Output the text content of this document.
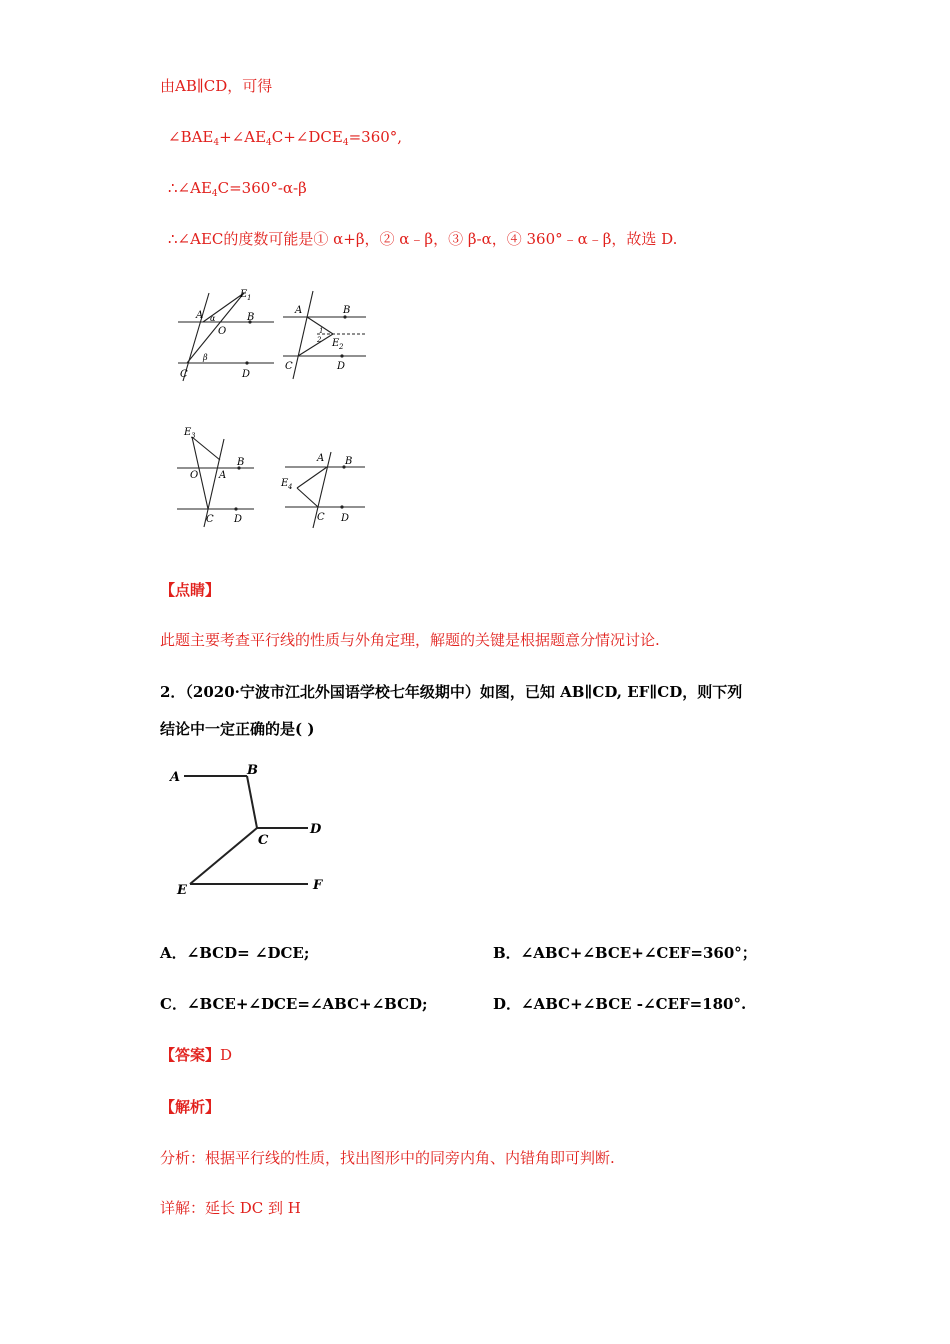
由AB∥CD，可得
$\angle BAE_4+\angle AE_4C+\angle DCE_4=360^\circ$,
$\therefore\angle AE_4C=360^\circ-\alpha-\beta$
∴∠AEC的度数可能是① α+β，② α﹣β，③ β-α，④ 360°﹣α﹣β，故选 D.
E 1
A
O
B
α
β
C	D
A	B
1
2 E 2
C	D
E 3
O A
B
C D
A B
E 4
C D
【点睛】
此题主要考查平行线的性质与外角定理，解题的关键是根据题意分情况讨论.
2．（2020·宁波市江北外国语学校七年级期中）如图，已知 AB∥CD, EF∥CD，则下列
结论中一定正确的是( )
A	B
C
D
E	F
A．∠BCD= ∠DCE;	B．∠ABC+∠BCE+∠CEF=360°；
C．∠BCE+∠DCE=∠ABC+∠BCD;	D．∠ABC+∠BCE -∠CEF=180°.
【答案】D
【解析】
分析：根据平行线的性质，找出图形中的同旁内角、内错角即可判断.
详解：延长 DC 到 H
